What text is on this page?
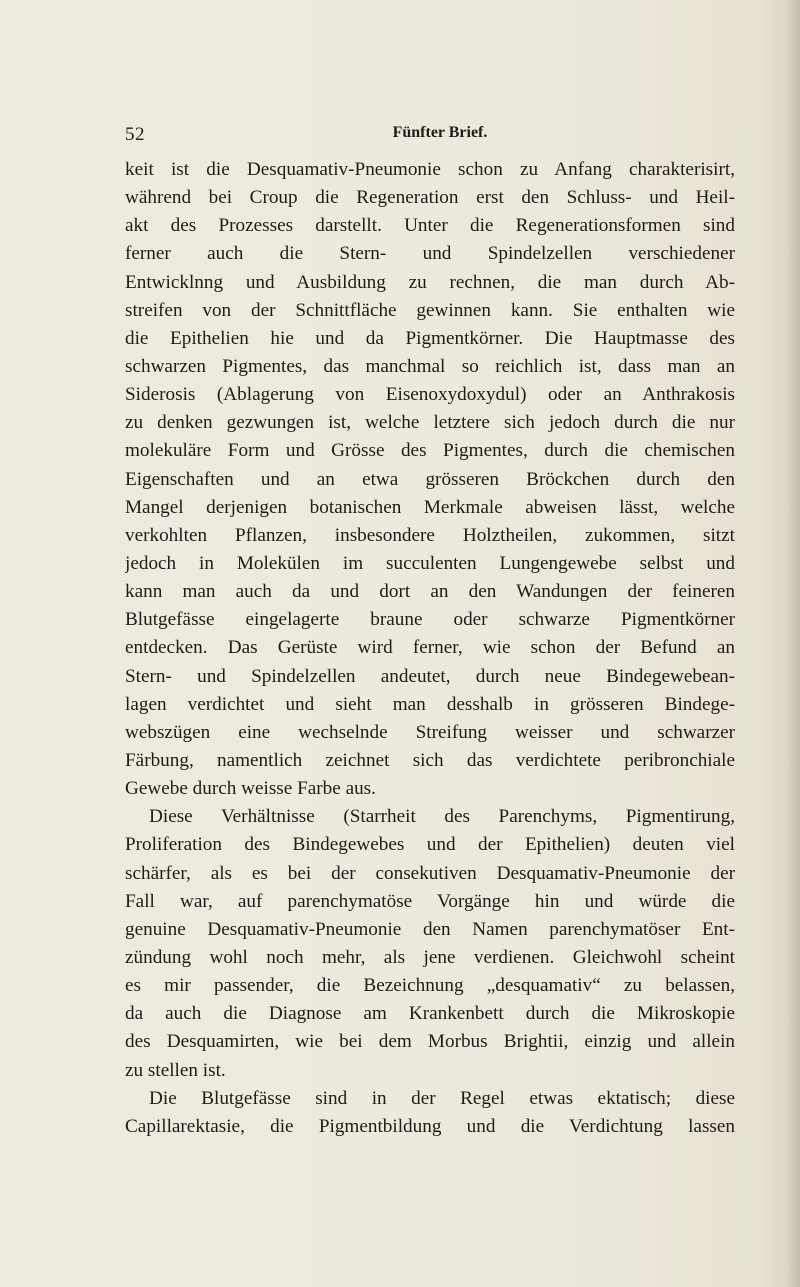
52	Fünfter Brief.
keit ist die Desquamativ-Pneumonie schon zu Anfang charakterisirt,
während bei Croup die Regeneration erst den Schluss- und Heil-
akt des Prozesses darstellt. Unter die Regenerationsformen sind
ferner auch die Stern- und Spindelzellen verschiedener
Entwicklnng und Ausbildung zu rechnen, die man durch Ab-
streifen von der Schnittfläche gewinnen kann. Sie enthalten wie
die Epithelien hie und da Pigmentkörner. Die Hauptmasse des
schwarzen Pigmentes, das manchmal so reichlich ist, dass man an
Siderosis (Ablagerung von Eisenoxydoxydul) oder an Anthrakosis
zu denken gezwungen ist, welche letztere sich jedoch durch die nur
molekuläre Form und Grösse des Pigmentes, durch die chemischen
Eigenschaften und an etwa grösseren Bröckchen durch den
Mangel derjenigen botanischen Merkmale abweisen lässt, welche
verkohlten Pflanzen, insbesondere Holztheilen, zukommen, sitzt
jedoch in Molekülen im succulenten Lungengewebe selbst und
kann man auch da und dort an den Wandungen der feineren
Blutgefässe eingelagerte braune oder schwarze Pigmentkörner
entdecken. Das Gerüste wird ferner, wie schon der Befund an
Stern- und Spindelzellen andeutet, durch neue Bindegewebean-
lagen verdichtet und sieht man desshalb in grösseren Bindege-
webszügen eine wechselnde Streifung weisser und schwarzer
Färbung, namentlich zeichnet sich das verdichtete peribronchiale
Gewebe durch weisse Farbe aus.
Diese Verhältnisse (Starrheit des Parenchyms, Pigmentirung,
Proliferation des Bindegewebes und der Epithelien) deuten viel
schärfer, als es bei der consekutiven Desquamativ-Pneumonie der
Fall war, auf parenchymatöse Vorgänge hin und würde die
genuine Desquamativ-Pneumonie den Namen parenchymatöser Ent-
zündung wohl noch mehr, als jene verdienen. Gleichwohl scheint
es mir passender, die Bezeichnung „desquamativ“ zu belassen,
da auch die Diagnose am Krankenbett durch die Mikroskopie
des Desquamirten, wie bei dem Morbus Brightii, einzig und allein
zu stellen ist.
Die Blutgefässe sind in der Regel etwas ektatisch; diese
Capillarektasie, die Pigmentbildung und die Verdichtung lassen
